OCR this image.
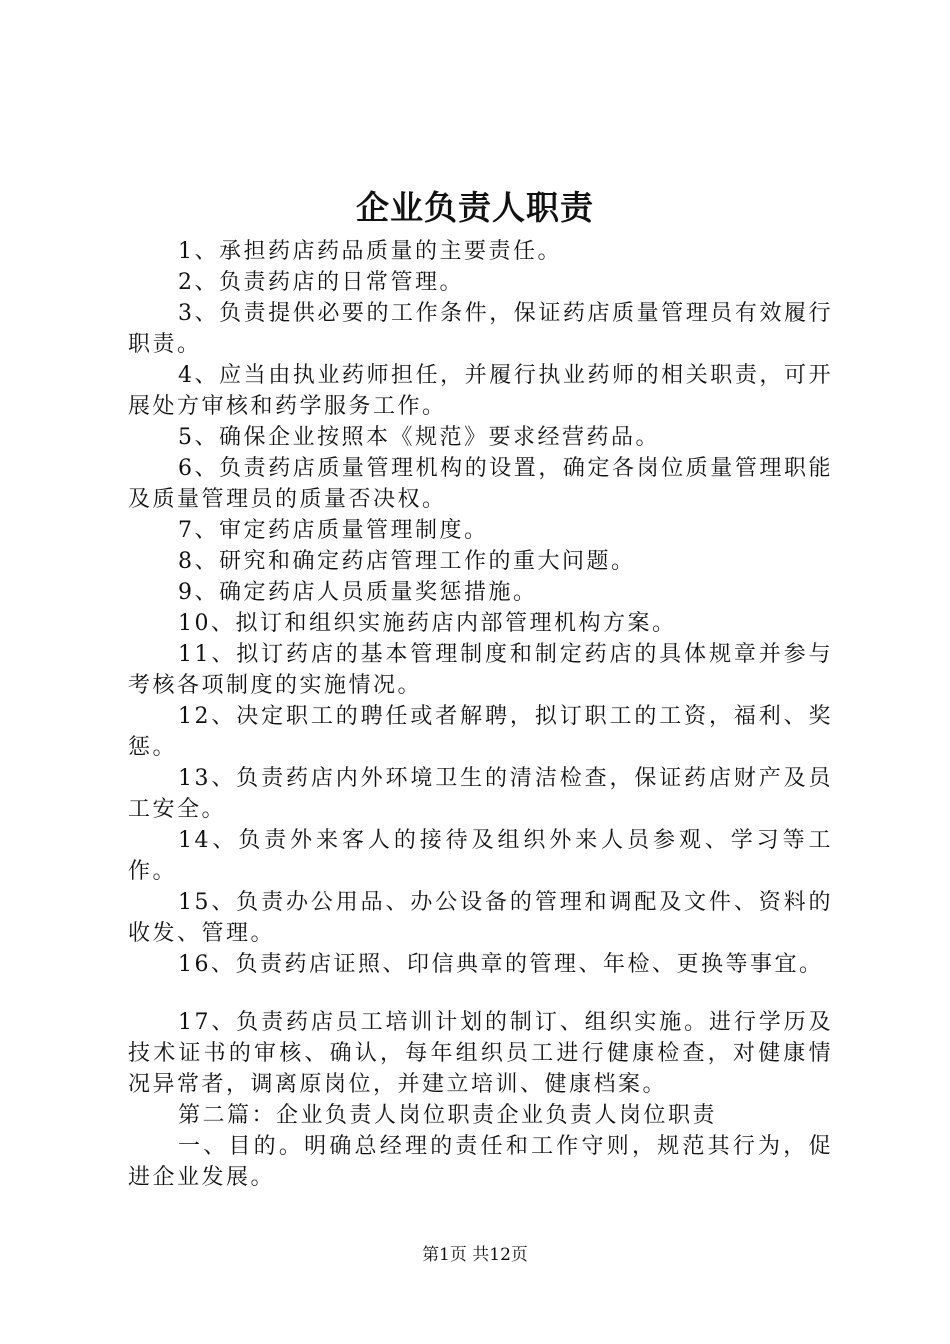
企业负责人职责

1、承担药店药品质量的主要责任。

2、负责药店的日常管理。

3、负责提供必要的工作条件，保证药店质量管理员有效履行职责。

4、应当由执业药师担任，并履行执业药师的相关职责，可开展处方审核和药学服务工作。

5、确保企业按照本《规范》要求经营药品。

6、负责药店质量管理机构的设置，确定各岗位质量管理职能及质量管理员的质量否决权。

7、审定药店质量管理制度。

8、研究和确定药店管理工作的重大问题。

9、确定药店人员质量奖惩措施。

10、拟订和组织实施药店内部管理机构方案。

11、拟订药店的基本管理制度和制定药店的具体规章并参与考核各项制度的实施情况。

12、决定职工的聘任或者解聘，拟订职工的工资，福利、奖惩。

13、负责药店内外环境卫生的清洁检查，保证药店财产及员工安全。

14、负责外来客人的接待及组织外来人员参观、学习等工作。

15、负责办公用品、办公设备的管理和调配及文件、资料的收发、管理。

16、负责药店证照、印信典章的管理、年检、更换等事宜。

17、负责药店员工培训计划的制订、组织实施。进行学历及技术证书的审核、确认，每年组织员工进行健康检查，对健康情况异常者，调离原岗位，并建立培训、健康档案。

第二篇：企业负责人岗位职责企业负责人岗位职责

一、目的。明确总经理的责任和工作守则，规范其行为，促进企业发展。

第1页 共12页
